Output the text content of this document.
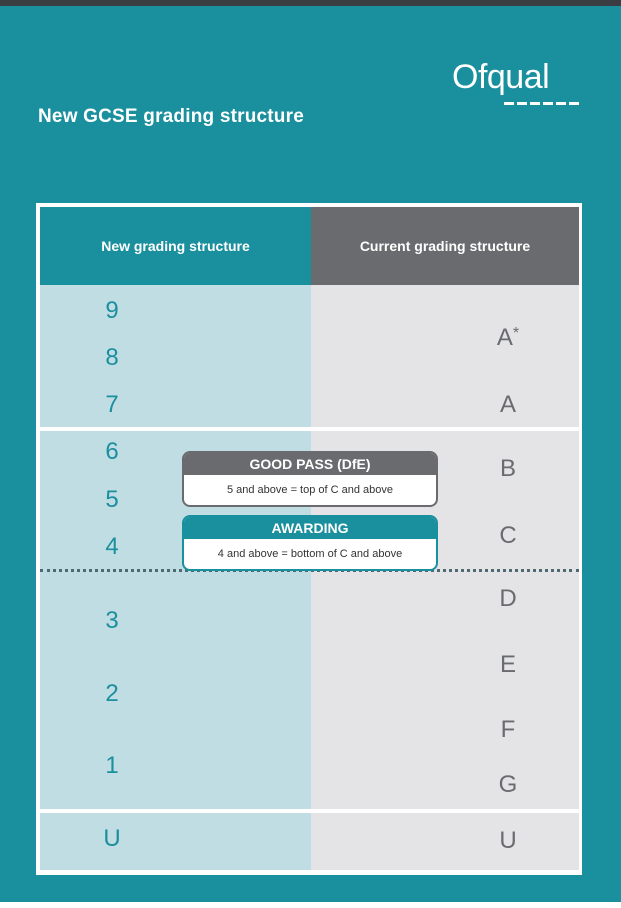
New GCSE grading structure
Ofqual
New grading structure	Current grading structure
9
8
7
6
5
4
3
2
1
U
A*
A
B
C
D
E
F
G
U
GOOD PASS (DfE)
5 and above = top of C and above
AWARDING
4 and above = bottom of C and above
